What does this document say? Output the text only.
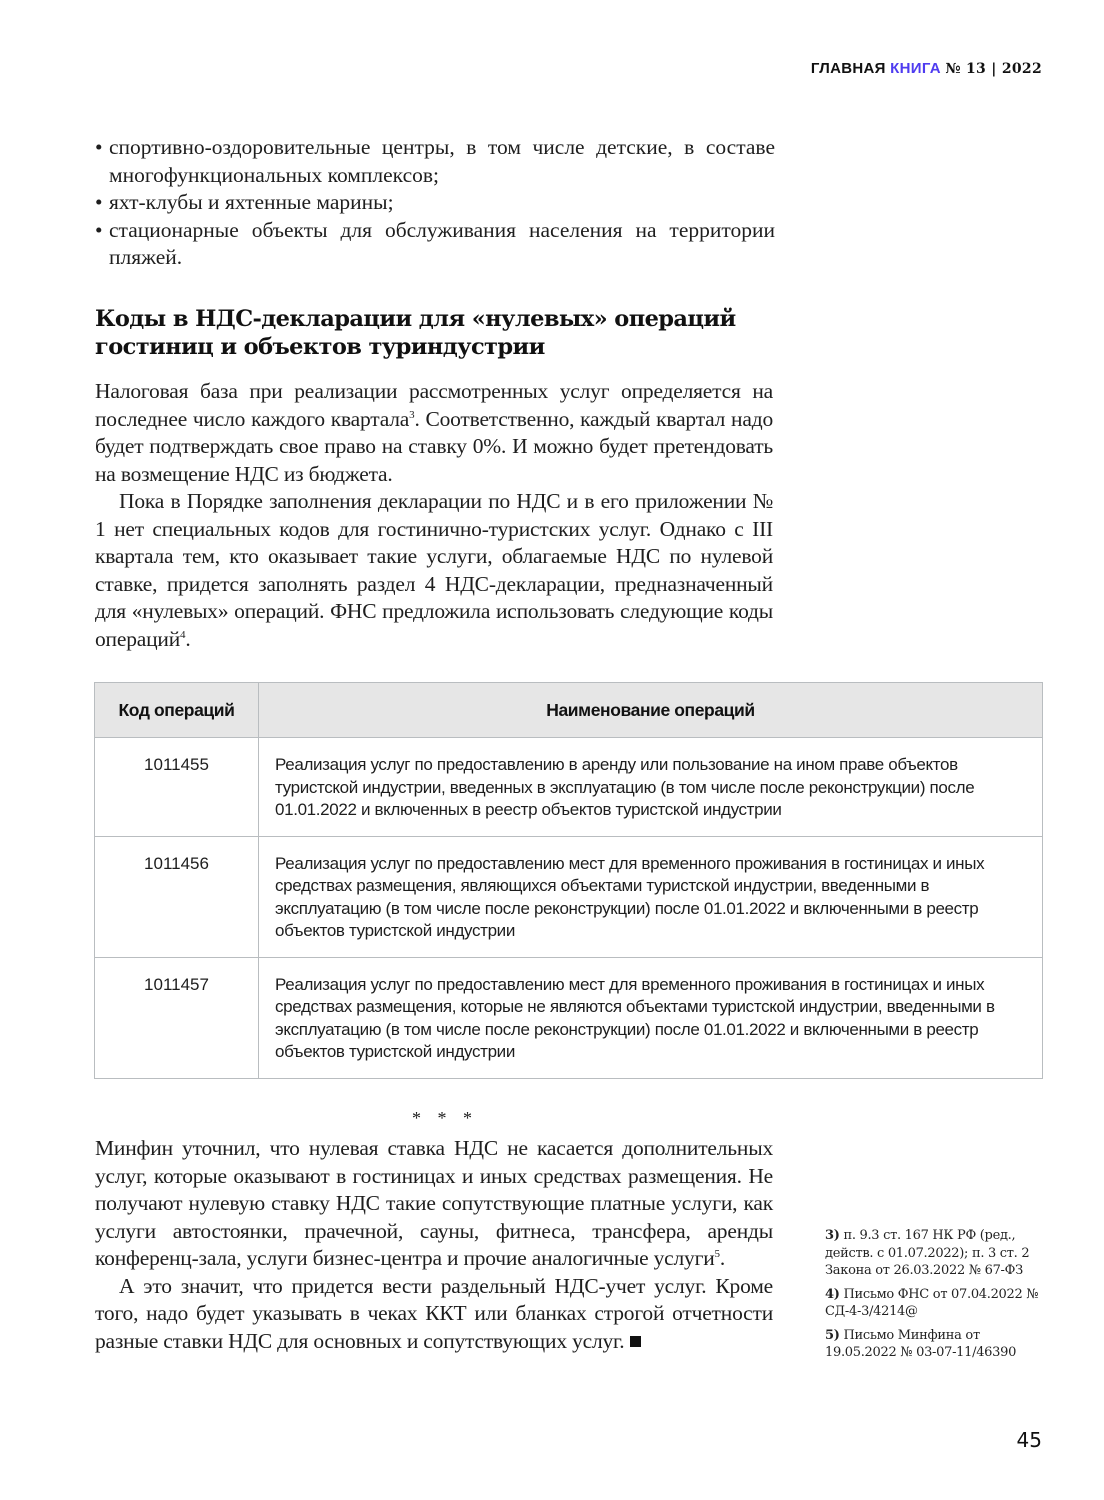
ГЛАВНАЯ КНИГА № 13 | 2022
• спортивно-оздоровительные центры, в том числе детские, в составе многофункциональных комплексов;
• яхт-клубы и яхтенные марины;
• стационарные объекты для обслуживания населения на территории пляжей.
Коды в НДС-декларации для «нулевых» операций гостиниц и объектов туриндустрии

Налоговая база при реализации рассмотренных услуг определяется на последнее число каждого квартала$^3$. Соответственно, каждый квартал надо будет подтверждать свое право на ставку 0%. И можно будет претендовать на возмещение НДС из бюджета.

Пока в Порядке заполнения декларации по НДС и в его приложении № 1 нет специальных кодов для гостинично-туристских услуг. Однако с III квартала тем, кто оказывает такие услуги, облагаемые НДС по нулевой ставке, придется заполнять раздел 4 НДС-декларации, предназначенный для «нулевых» операций. ФНС предложила использовать следующие коды операций$^4$.

Код операций	Наименование операций
1011455	Реализация услуг по предоставлению в аренду или пользование на ином праве объектов туристской индустрии, введенных в эксплуатацию (в том числе после реконструкции) после 01.01.2022 и включенных в реестр объектов туристской индустрии
1011456	Реализация услуг по предоставлению мест для временного проживания в гостиницах и иных средствах размещения, являющихся объектами туристской индустрии, введенными в эксплуатацию (в том числе после реконструкции) после 01.01.2022 и включенными в реестр объектов туристской индустрии
1011457	Реализация услуг по предоставлению мест для временного проживания в гостиницах и иных средствах размещения, которые не являются объектами туристской индустрии, введенными в эксплуатацию (в том числе после реконструкции) после 01.01.2022 и включенными в реестр объектов туристской индустрии
* * *

Минфин уточнил, что нулевая ставка НДС не касается дополнительных услуг, которые оказывают в гостиницах и иных средствах размещения. Не получают нулевую ставку НДС такие сопутствующие платные услуги, как услуги автостоянки, прачечной, сауны, фитнеса, трансфера, аренды конференц-зала, услуги бизнес-центра и прочие аналогичные услуги$^5$.

А это значит, что придется вести раздельный НДС-учет услуг. Кроме того, надо будет указывать в чеках ККТ или бланках строгой отчетности разные ставки НДС для основных и сопутствующих услуг.

3) п. 9.3 ст. 167 НК РФ (ред., действ. с 01.07.2022); п. 3 ст. 2 Закона от 26.03.2022 № 67-ФЗ
4) Письмо ФНС от 07.04.2022 № СД-4-3/4214@
5) Письмо Минфина от 19.05.2022 № 03-07-11/46390
45
